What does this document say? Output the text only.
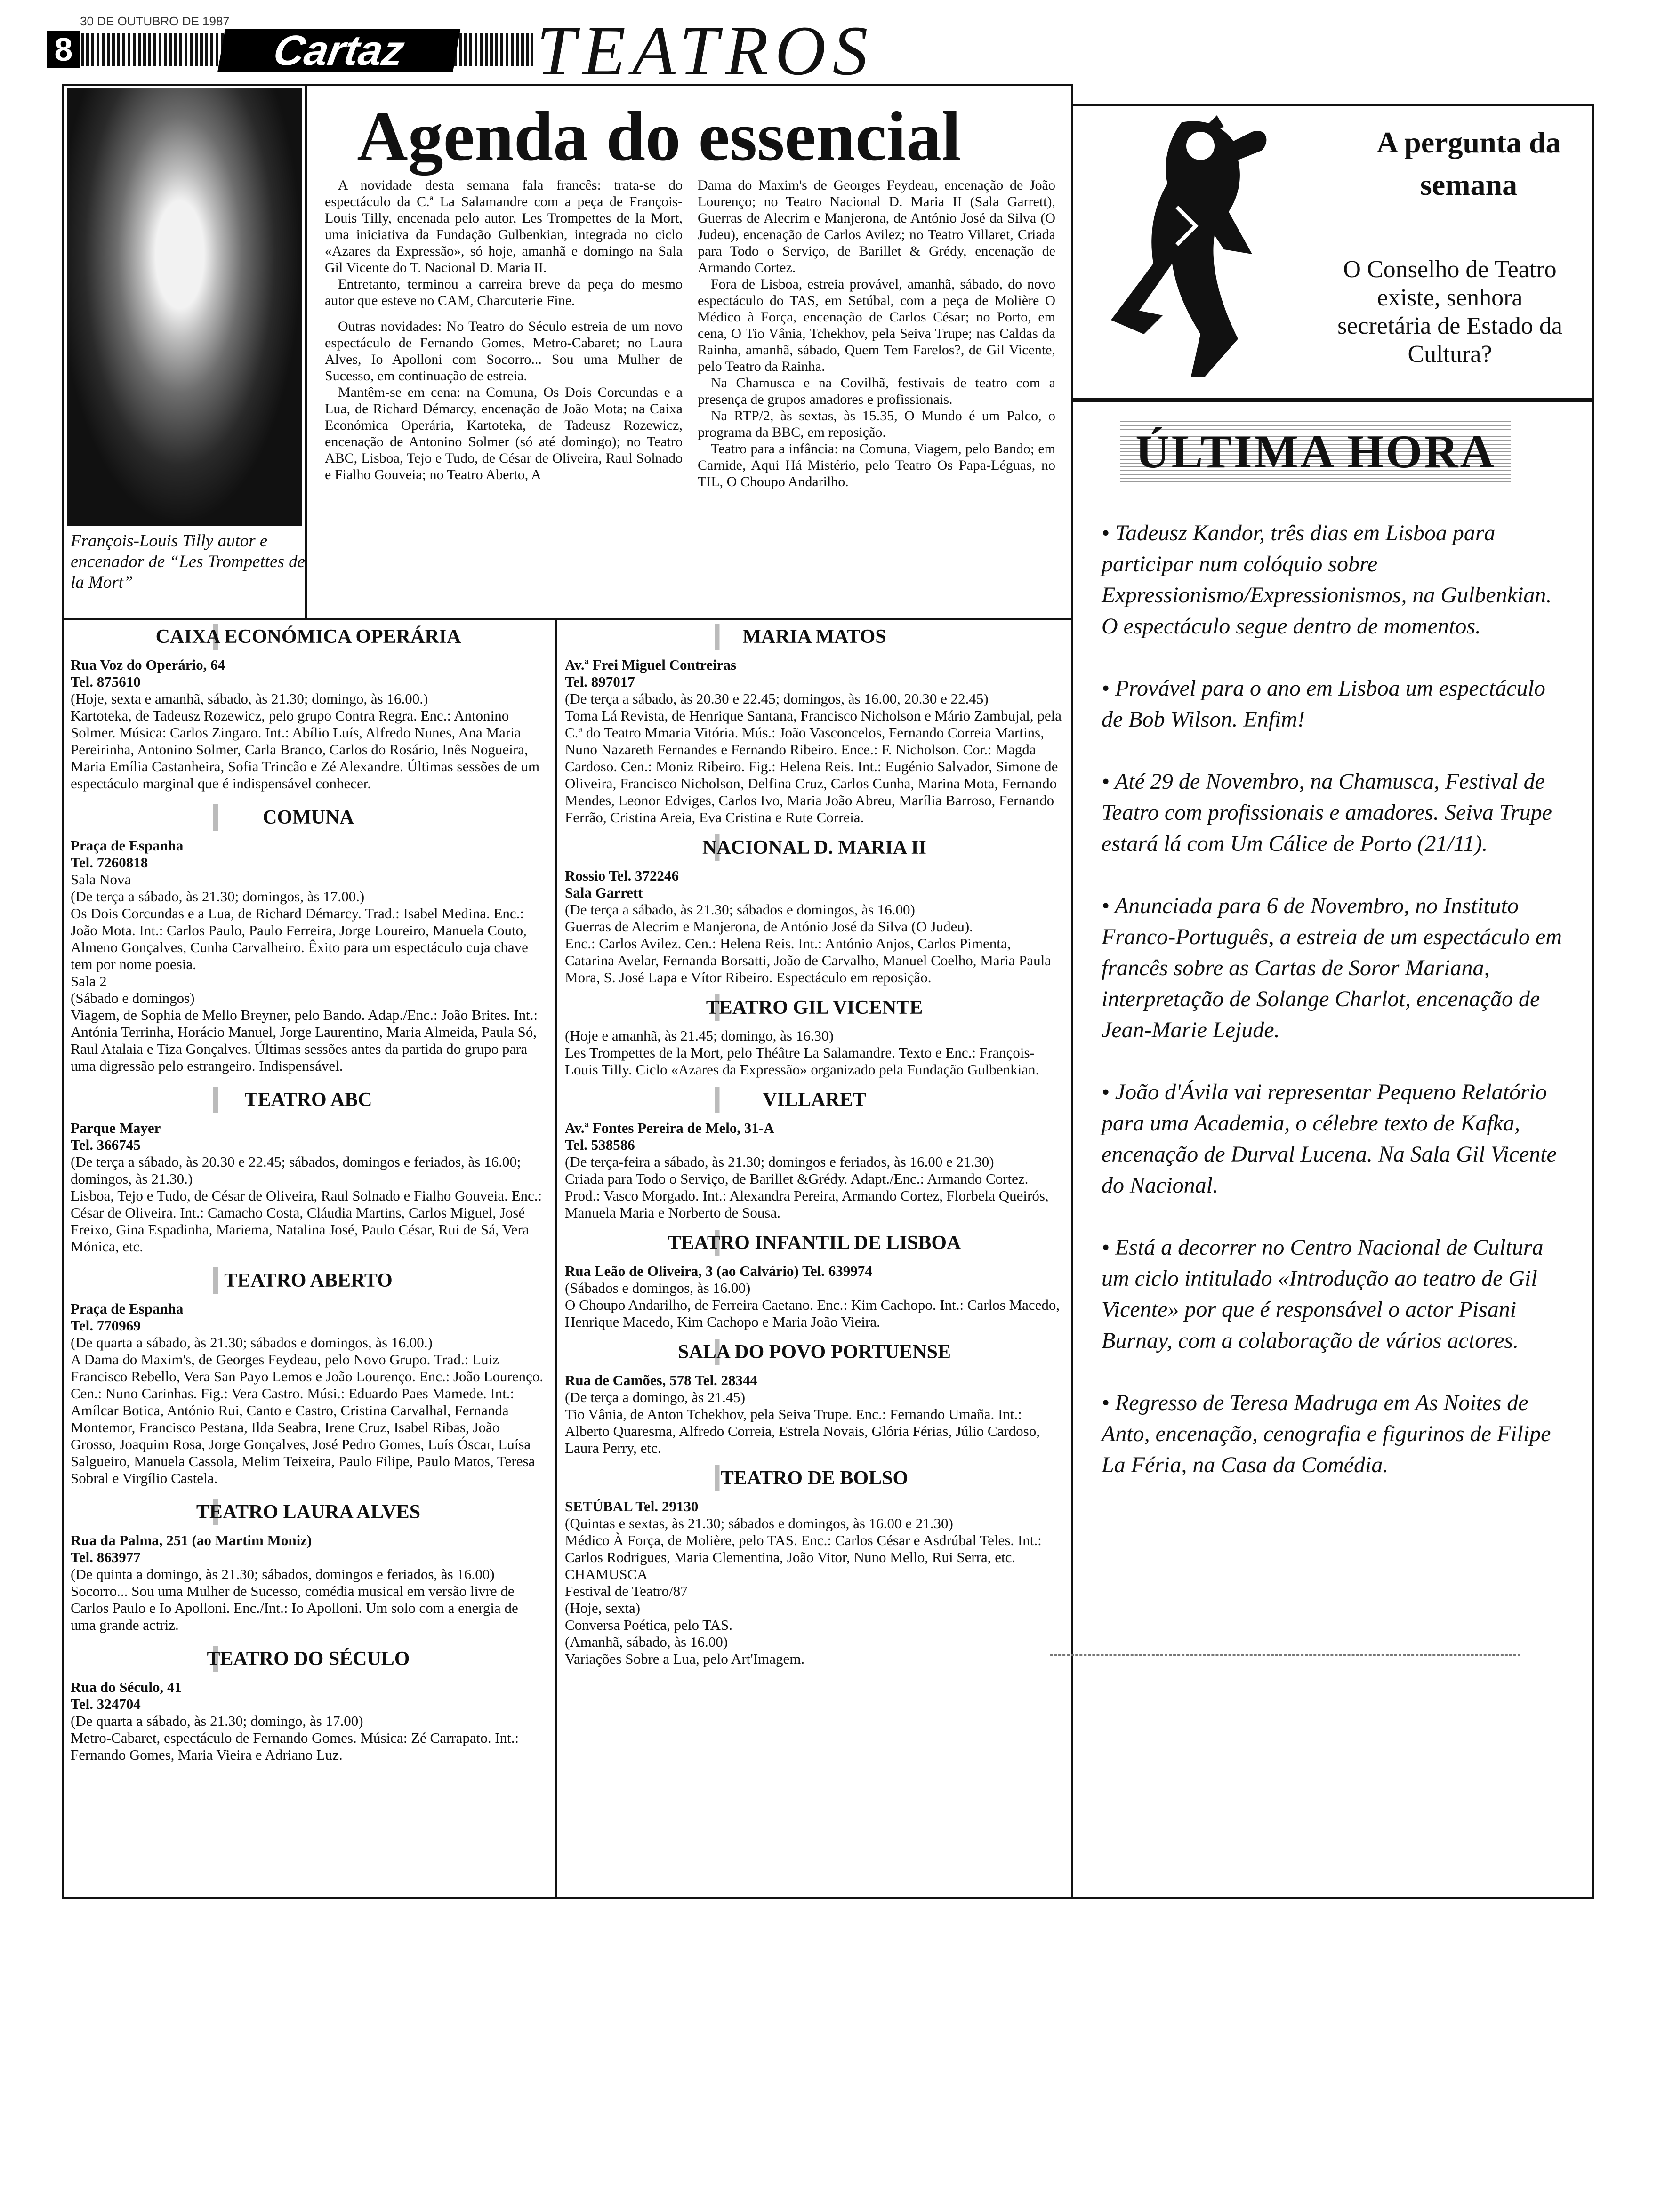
30 DE OUTUBRO DE 1987
8	Cartaz	TEATROS
François-Louis Tilly autor e encenador de “Les Trompettes de la Mort”
Agenda do essencial

A novidade desta semana fala francês: trata-se do espectáculo da C.ª La Salamandre com a peça de François-Louis Tilly, encenada pelo autor, Les Trompettes de la Mort, uma iniciativa da Fundação Gulbenkian, integrada no ciclo «Azares da Expressão», só hoje, amanhã e domingo na Sala Gil Vicente do T. Nacional D. Maria II.

Entretanto, terminou a carreira breve da peça do mesmo autor que esteve no CAM, Charcuterie Fine.

Outras novidades: No Teatro do Século estreia de um novo espectáculo de Fernando Gomes, Metro-Cabaret; no Laura Alves, Io Apolloni com Socorro... Sou uma Mulher de Sucesso, em continuação de estreia.

Mantêm-se em cena: na Comuna, Os Dois Corcundas e a Lua, de Richard Démarcy, encenação de João Mota; na Caixa Económica Operária, Kartoteka, de Tadeusz Rozewicz, encenação de Antonino Solmer (só até domingo); no Teatro ABC, Lisboa, Tejo e Tudo, de César de Oliveira, Raul Solnado e Fialho Gouveia; no Teatro Aberto, A

Dama do Maxim's de Georges Feydeau, encenação de João Lourenço; no Teatro Nacional D. Maria II (Sala Garrett), Guerras de Alecrim e Manjerona, de António José da Silva (O Judeu), encenação de Carlos Avilez; no Teatro Villaret, Criada para Todo o Serviço, de Barillet & Grédy, encenação de Armando Cortez.

Fora de Lisboa, estreia provável, amanhã, sábado, do novo espectáculo do TAS, em Setúbal, com a peça de Molière O Médico à Força, encenação de Carlos César; no Porto, em cena, O Tio Vânia, Tchekhov, pela Seiva Trupe; nas Caldas da Rainha, amanhã, sábado, Quem Tem Farelos?, de Gil Vicente, pelo Teatro da Rainha.

Na Chamusca e na Covilhã, festivais de teatro com a presença de grupos amadores e profissionais.

Na RTP/2, às sextas, às 15.35, O Mundo é um Palco, o programa da BBC, em reposição.

Teatro para a infância: na Comuna, Viagem, pelo Bando; em Carnide, Aqui Há Mistério, pelo Teatro Os Papa-Léguas, no TIL, O Choupo Andarilho.

A pergunta da semana
O Conselho de Teatro existe, senhora secretária de Estado da Cultura?
ÚLTIMA HORA

• Tadeusz Kandor, três dias em Lisboa para participar num colóquio sobre Expressionismo/Expressionismos, na Gulbenkian. O espectáculo segue dentro de momentos.

• Provável para o ano em Lisboa um espectáculo de Bob Wilson. Enfim!

• Até 29 de Novembro, na Chamusca, Festival de Teatro com profissionais e amadores. Seiva Trupe estará lá com Um Cálice de Porto (21/11).

• Anunciada para 6 de Novembro, no Instituto Franco-Português, a estreia de um espectáculo em francês sobre as Cartas de Soror Mariana, interpretação de Solange Charlot, encenação de Jean-Marie Lejude.

• João d'Ávila vai representar Pequeno Relatório para uma Academia, o célebre texto de Kafka, encenação de Durval Lucena. Na Sala Gil Vicente do Nacional.

• Está a decorrer no Centro Nacional de Cultura um ciclo intitulado «Introdução ao teatro de Gil Vicente» por que é responsável o actor Pisani Burnay, com a colaboração de vários actores.

• Regresso de Teresa Madruga em As Noites de Anto, encenação, cenografia e figurinos de Filipe La Féria, na Casa da Comédia.

CAIXA ECONÓMICA OPERÁRIA

Rua Voz do Operário, 64

Tel. 875610

(Hoje, sexta e amanhã, sábado, às 21.30; domingo, às 16.00.)

Kartoteka, de Tadeusz Rozewicz, pelo grupo Contra Regra. Enc.: Antonino Solmer. Música: Carlos Zingaro. Int.: Abílio Luís, Alfredo Nunes, Ana Maria Pereirinha, Antonino Solmer, Carla Branco, Carlos do Rosário, Inês Nogueira, Maria Emília Castanheira, Sofia Trincão e Zé Alexandre. Últimas sessões de um espectáculo marginal que é indispensável conhecer.

COMUNA

Praça de Espanha

Tel. 7260818

Sala Nova

(De terça a sábado, às 21.30; domingos, às 17.00.)

Os Dois Corcundas e a Lua, de Richard Démarcy. Trad.: Isabel Medina. Enc.: João Mota. Int.: Carlos Paulo, Paulo Ferreira, Jorge Loureiro, Manuela Couto, Almeno Gonçalves, Cunha Carvalheiro. Êxito para um espectáculo cuja chave tem por nome poesia.

Sala 2

(Sábado e domingos)

Viagem, de Sophia de Mello Breyner, pelo Bando. Adap./Enc.: João Brites. Int.: Antónia Terrinha, Horácio Manuel, Jorge Laurentino, Maria Almeida, Paula Só, Raul Atalaia e Tiza Gonçalves. Últimas sessões antes da partida do grupo para uma digressão pelo estrangeiro. Indispensável.

TEATRO ABC

Parque Mayer

Tel. 366745

(De terça a sábado, às 20.30 e 22.45; sábados, domingos e feriados, às 16.00; domingos, às 21.30.)

Lisboa, Tejo e Tudo, de César de Oliveira, Raul Solnado e Fialho Gouveia. Enc.: César de Oliveira. Int.: Camacho Costa, Cláudia Martins, Carlos Miguel, José Freixo, Gina Espadinha, Mariema, Natalina José, Paulo César, Rui de Sá, Vera Mónica, etc.

TEATRO ABERTO

Praça de Espanha

Tel. 770969

(De quarta a sábado, às 21.30; sábados e domingos, às 16.00.)

A Dama do Maxim's, de Georges Feydeau, pelo Novo Grupo. Trad.: Luiz Francisco Rebello, Vera San Payo Lemos e João Lourenço. Enc.: João Lourenço. Cen.: Nuno Carinhas. Fig.: Vera Castro. Músi.: Eduardo Paes Mamede. Int.: Amílcar Botica, António Rui, Canto e Castro, Cristina Carvalhal, Fernanda Montemor, Francisco Pestana, Ilda Seabra, Irene Cruz, Isabel Ribas, João Grosso, Joaquim Rosa, Jorge Gonçalves, José Pedro Gomes, Luís Óscar, Luísa Salgueiro, Manuela Cassola, Melim Teixeira, Paulo Filipe, Paulo Matos, Teresa Sobral e Virgílio Castela.

TEATRO LAURA ALVES

Rua da Palma, 251 (ao Martim Moniz)

Tel. 863977

(De quinta a domingo, às 21.30; sábados, domingos e feriados, às 16.00)

Socorro... Sou uma Mulher de Sucesso, comédia musical em versão livre de Carlos Paulo e Io Apolloni. Enc./Int.: Io Apolloni. Um solo com a energia de uma grande actriz.

TEATRO DO SÉCULO

Rua do Século, 41

Tel. 324704

(De quarta a sábado, às 21.30; domingo, às 17.00)

Metro-Cabaret, espectáculo de Fernando Gomes. Música: Zé Carrapato. Int.: Fernando Gomes, Maria Vieira e Adriano Luz.

MARIA MATOS

Av.ª Frei Miguel Contreiras

Tel. 897017

(De terça a sábado, às 20.30 e 22.45; domingos, às 16.00, 20.30 e 22.45)

Toma Lá Revista, de Henrique Santana, Francisco Nicholson e Mário Zambujal, pela C.ª do Teatro Mmaria Vitória. Mús.: João Vasconcelos, Fernando Correia Martins, Nuno Nazareth Fernandes e Fernando Ribeiro. Ence.: F. Nicholson. Cor.: Magda Cardoso. Cen.: Moniz Ribeiro. Fig.: Helena Reis. Int.: Eugénio Salvador, Simone de Oliveira, Francisco Nicholson, Delfina Cruz, Carlos Cunha, Marina Mota, Fernando Mendes, Leonor Edviges, Carlos Ivo, Maria João Abreu, Marília Barroso, Fernando Ferrão, Cristina Areia, Eva Cristina e Rute Correia.

NACIONAL D. MARIA II

Rossio Tel. 372246

Sala Garrett

(De terça a sábado, às 21.30; sábados e domingos, às 16.00)

Guerras de Alecrim e Manjerona, de António José da Silva (O Judeu).

Enc.: Carlos Avilez. Cen.: Helena Reis. Int.: António Anjos, Carlos Pimenta, Catarina Avelar, Fernanda Borsatti, João de Carvalho, Manuel Coelho, Maria Paula Mora, S. José Lapa e Vítor Ribeiro. Espectáculo em reposição.

TEATRO GIL VICENTE

(Hoje e amanhã, às 21.45; domingo, às 16.30)

Les Trompettes de la Mort, pelo Théâtre La Salamandre. Texto e Enc.: François-Louis Tilly. Ciclo «Azares da Expressão» organizado pela Fundação Gulbenkian.

VILLARET

Av.ª Fontes Pereira de Melo, 31-A

Tel. 538586

(De terça-feira a sábado, às 21.30; domingos e feriados, às 16.00 e 21.30)

Criada para Todo o Serviço, de Barillet &Grédy. Adapt./Enc.: Armando Cortez. Prod.: Vasco Morgado. Int.: Alexandra Pereira, Armando Cortez, Florbela Queirós, Manuela Maria e Norberto de Sousa.

TEATRO INFANTIL DE LISBOA

Rua Leão de Oliveira, 3 (ao Calvário) Tel. 639974

(Sábados e domingos, às 16.00)

O Choupo Andarilho, de Ferreira Caetano. Enc.: Kim Cachopo. Int.: Carlos Macedo, Henrique Macedo, Kim Cachopo e Maria João Vieira.

SALA DO POVO PORTUENSE

Rua de Camões, 578 Tel. 28344

(De terça a domingo, às 21.45)

Tio Vânia, de Anton Tchekhov, pela Seiva Trupe. Enc.: Fernando Umaña. Int.: Alberto Quaresma, Alfredo Correia, Estrela Novais, Glória Férias, Júlio Cardoso, Laura Perry, etc.

TEATRO DE BOLSO

SETÚBAL Tel. 29130

(Quintas e sextas, às 21.30; sábados e domingos, às 16.00 e 21.30)

Médico À Força, de Molière, pelo TAS. Enc.: Carlos César e Asdrúbal Teles. Int.: Carlos Rodrigues, Maria Clementina, João Vitor, Nuno Mello, Rui Serra, etc.

CHAMUSCA

Festival de Teatro/87

(Hoje, sexta)

Conversa Poética, pelo TAS.

(Amanhã, sábado, às 16.00)

Variações Sobre a Lua, pelo Art'Imagem.
